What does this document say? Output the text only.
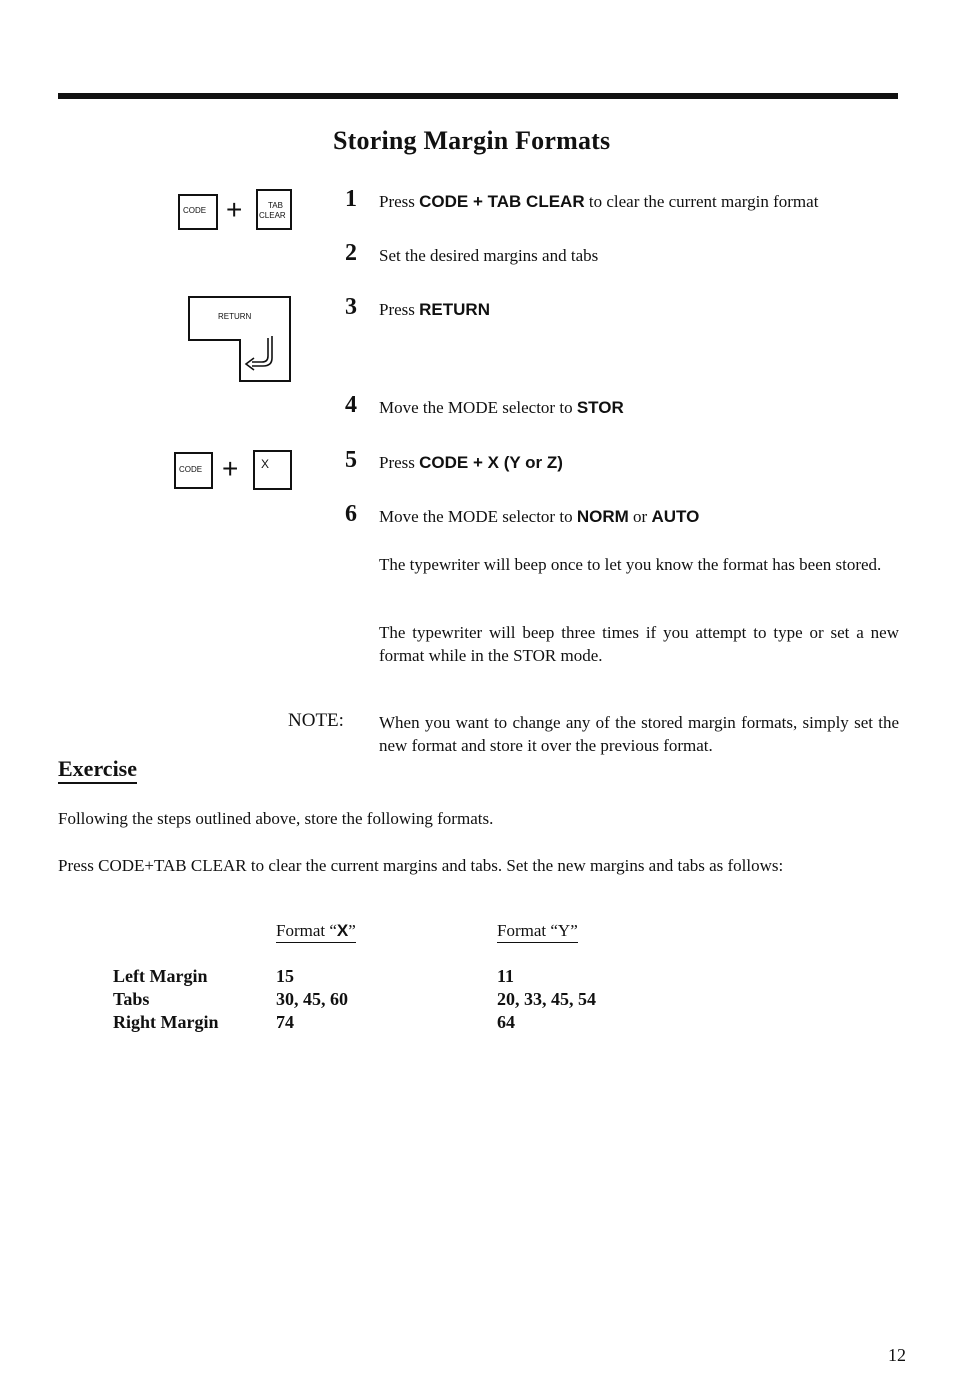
Storing Margin Formats
CODE +	TAB
CLEAR
RETURN
CODE + X
1 Press CODE + TAB CLEAR to clear the current margin format
2 Set the desired margins and tabs
3 Press RETURN
4 Move the MODE selector to STOR
5 Press CODE + X (Y or Z)
6 Move the MODE selector to NORM or AUTO
The typewriter will beep once to let you know the format has been stored.
The typewriter will beep three times if you attempt to type or set a new format while in the STOR mode.
NOTE: When you want to change any of the stored margin formats, simply set the new format and store it over the previous format.
Exercise
Following the steps outlined above, store the following formats.
Press CODE+TAB CLEAR to clear the current margins and tabs. Set the new margins and tabs as follows:
Format “X”	Format “Y”
Left Margin	15	11
Tabs	30, 45, 60	20, 33, 45, 54
Right Margin	74	64
12
